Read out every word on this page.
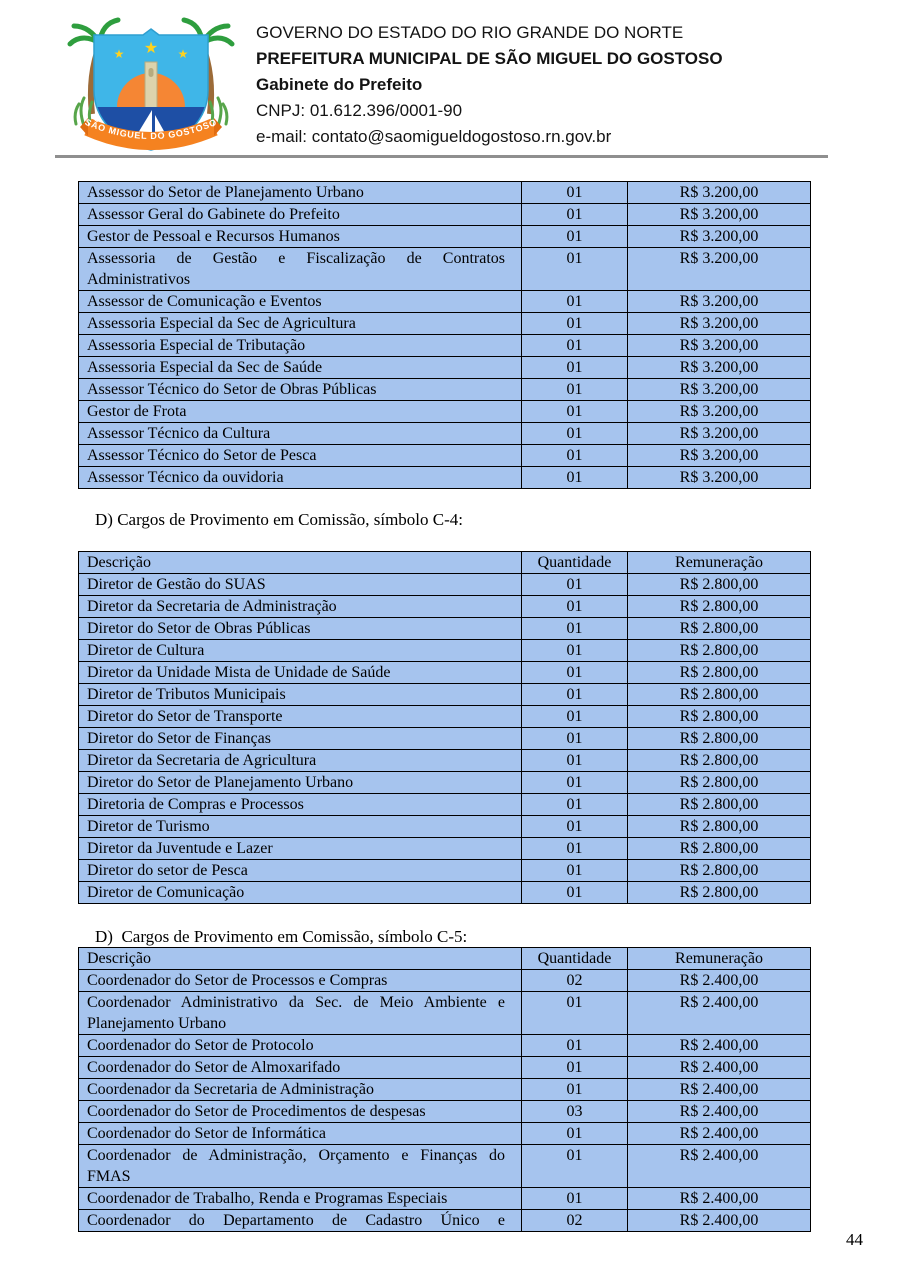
★
★	★
SÃO MIGUEL DO GOSTOSO
GOVERNO DO ESTADO DO RIO GRANDE DO NORTE
PREFEITURA MUNICIPAL DE SÃO MIGUEL DO GOSTOSO
Gabinete do Prefeito
CNPJ: 01.612.396/0001-90
e-mail: contato@saomigueldogostoso.rn.gov.br
Assessor do Setor de Planejamento Urbano	01	R$ 3.200,00
Assessor Geral do Gabinete do Prefeito	01	R$ 3.200,00
Gestor de Pessoal e Recursos Humanos	01	R$ 3.200,00
Assessoria de Gestão e Fiscalização de Contratos Administrativos	01	R$ 3.200,00
Assessor de Comunicação e Eventos	01	R$ 3.200,00
Assessoria Especial da Sec de Agricultura	01	R$ 3.200,00
Assessoria Especial de Tributação	01	R$ 3.200,00
Assessoria Especial da Sec de Saúde	01	R$ 3.200,00
Assessor Técnico do Setor de Obras Públicas	01	R$ 3.200,00
Gestor de Frota	01	R$ 3.200,00
Assessor Técnico da Cultura	01	R$ 3.200,00
Assessor Técnico do Setor de Pesca	01	R$ 3.200,00
Assessor Técnico da ouvidoria	01	R$ 3.200,00
D) Cargos de Provimento em Comissão, símbolo C-4:
Descrição	Quantidade	Remuneração
Diretor de Gestão do SUAS	01	R$ 2.800,00
Diretor da Secretaria de Administração	01	R$ 2.800,00
Diretor do Setor de Obras Públicas	01	R$ 2.800,00
Diretor de Cultura	01	R$ 2.800,00
Diretor da Unidade Mista de Unidade de Saúde	01	R$ 2.800,00
Diretor de Tributos Municipais	01	R$ 2.800,00
Diretor do Setor de Transporte	01	R$ 2.800,00
Diretor do Setor de Finanças	01	R$ 2.800,00
Diretor da Secretaria de Agricultura	01	R$ 2.800,00
Diretor do Setor de Planejamento Urbano	01	R$ 2.800,00
Diretoria de Compras e Processos	01	R$ 2.800,00
Diretor de Turismo	01	R$ 2.800,00
Diretor da Juventude e Lazer	01	R$ 2.800,00
Diretor do setor de Pesca	01	R$ 2.800,00
Diretor de Comunicação	01	R$ 2.800,00
D)  Cargos de Provimento em Comissão, símbolo C-5:
Descrição	Quantidade	Remuneração
Coordenador do Setor de Processos e Compras	02	R$ 2.400,00
Coordenador Administrativo da Sec. de Meio Ambiente e Planejamento Urbano	01	R$ 2.400,00
Coordenador do Setor de Protocolo	01	R$ 2.400,00
Coordenador do Setor de Almoxarifado	01	R$ 2.400,00
Coordenador da Secretaria de Administração	01	R$ 2.400,00
Coordenador do Setor de Procedimentos de despesas	03	R$ 2.400,00
Coordenador do Setor de Informática	01	R$ 2.400,00
Coordenador de Administração, Orçamento e Finanças do FMAS	01	R$ 2.400,00
Coordenador de Trabalho, Renda e Programas Especiais	01	R$ 2.400,00
Coordenador do Departamento de Cadastro Único e	02	R$ 2.400,00
44
